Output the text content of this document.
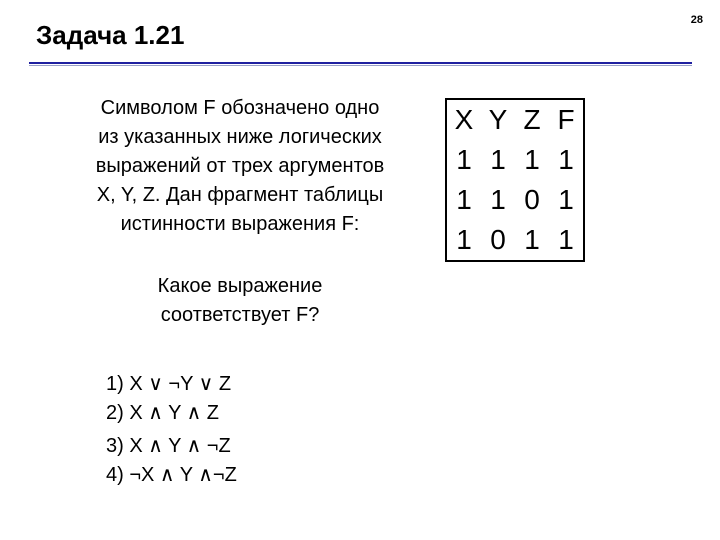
28
Задача 1.21
Символом F обозначено одно
из указанных ниже логических
выражений от трех аргументов
X, Y, Z. Дан фрагмент таблицы
истинности выражения F:
Какое выражение
соответствует F?
1) X ∨ ¬Y ∨ Z
2) X ∧ Y ∧ Z
3) X ∧ Y ∧ ¬Z
4) ¬X ∧ Y ∧¬Z
X	Y	Z	F
1	1	1	1
1	1	0	1
1	0	1	1
